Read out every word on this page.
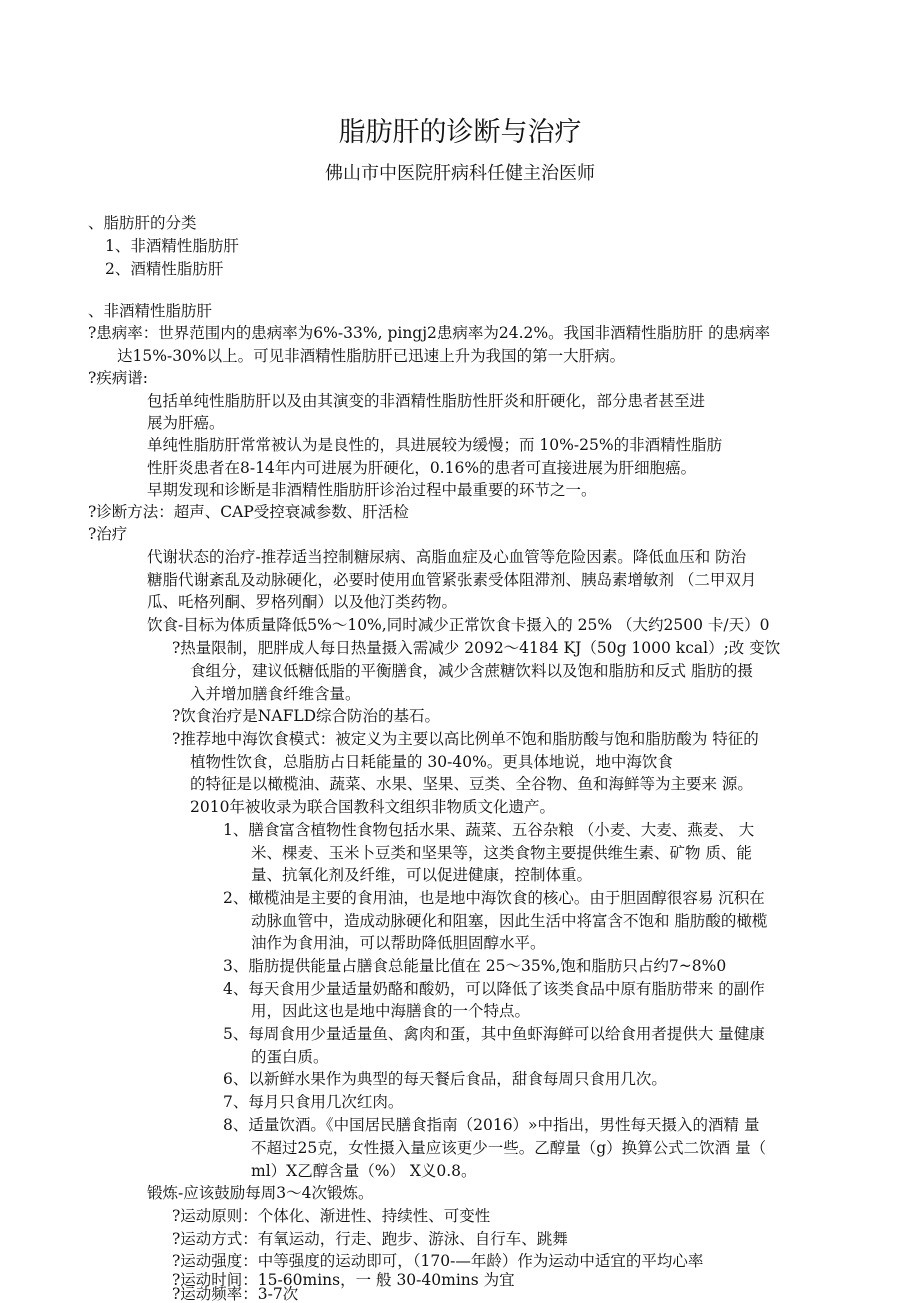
脂肪肝的诊断与治疗
佛山市中医院肝病科任健主治医师
、脂肪肝的分类
1、非酒精性脂肪肝
2、酒精性脂肪肝
、非酒精性脂肪肝
?患病率：世界范围内的患病率为6%-33%, pingj2患病率为24.2%。我国非酒精性脂肪肝 的患病率
达15%-30%以上。可见非酒精性脂肪肝已迅速上升为我国的第一大肝病。
?疾病谱:
包括单纯性脂肪肝以及由其演变的非酒精性脂肪性肝炎和肝硬化，部分患者甚至进
展为肝癌。
单纯性脂肪肝常常被认为是良性的，具进展较为缓慢；而 10%-25%的非酒精性脂肪
性肝炎患者在8-14年内可进展为肝硬化，0.16%的患者可直接进展为肝细胞癌。
早期发现和诊断是非酒精性脂肪肝诊治过程中最重要的环节之一。
?诊断方法：超声、CAP受控衰减参数、肝活检
?治疗
代谢状态的治疗-推荐适当控制糖尿病、高脂血症及心血管等危险因素。降低血压和 防治
糖脂代谢紊乱及动脉硬化，必要时使用血管紧张素受体阻滞剂、胰岛素增敏剂 （二甲双月
瓜、吒格列酮、罗格列酮）以及他汀类药物。
饮食-目标为体质量降低5%～10%,同时减少正常饮食卡摄入的 25% （大约2500 卡/天）0
?热量限制，肥胖成人每日热量摄入需减少 2092～4184 KJ（50g 1000 kcal）;改 变饮
食组分，建议低糖低脂的平衡膳食，减少含蔗糖饮料以及饱和脂肪和反式 脂肪的摄
入并增加膳食纤维含量。
?饮食治疗是NAFLD综合防治的基石。
?推荐地中海饮食模式：被定义为主要以高比例单不饱和脂肪酸与饱和脂肪酸为 特征的
植物性饮食，总脂肪占日耗能量的 30-40%。更具体地说，地中海饮食
的特征是以橄榄油、蔬菜、水果、坚果、豆类、全谷物、鱼和海鲜等为主要来 源。
2010年被收录为联合国教科文组织非物质文化遗产。
1、膳食富含植物性食物包括水果、蔬菜、五谷杂粮 （小麦、大麦、燕麦、 大
米、棵麦、玉米卜豆类和坚果等，这类食物主要提供维生素、矿物 质、能
量、抗氧化剂及纤维，可以促进健康，控制体重。
2、橄榄油是主要的食用油，也是地中海饮食的核心。由于胆固醇很容易 沉积在
动脉血管中，造成动脉硬化和阻塞，因此生活中将富含不饱和 脂肪酸的橄榄
油作为食用油，可以帮助降低胆固醇水平。
3、脂肪提供能量占膳食总能量比值在 25～35%,饱和脂肪只占约7~8%0
4、每天食用少量适量奶酪和酸奶，可以降低了该类食品中原有脂肪带来 的副作
用，因此这也是地中海膳食的一个特点。
5、每周食用少量适量鱼、禽肉和蛋，其中鱼虾海鲜可以给食用者提供大 量健康
的蛋白质。
6、以新鲜水果作为典型的每天餐后食品，甜食每周只食用几次。
7、每月只食用几次红肉。
8、适量饮酒。《中国居民膳食指南（2016）»中指出，男性每天摄入的酒精 量
不超过25克，女性摄入量应该更少一些。乙醇量（g）换算公式二饮酒 量（
ml）X乙醇含量（%） X义0.8。
锻炼-应该鼓励每周3～4次锻炼。
?运动原则：个体化、渐进性、持续性、可变性
?运动方式：有氧运动，行走、跑步、游泳、自行车、跳舞
?运动强度：中等强度的运动即可，（170-—年龄）作为运动中适宜的平均心率
?运动时间：15-60mins，一 般 30-40mins 为宜
?运动频率：3-7次
